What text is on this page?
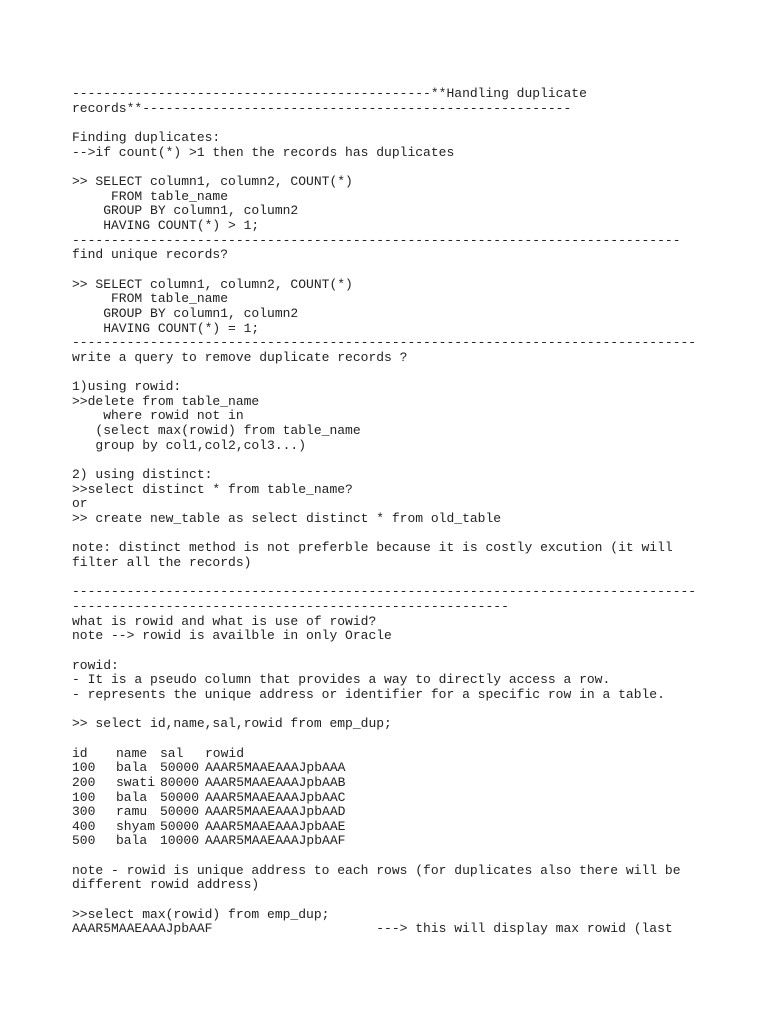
----------------------------------------------**Handling duplicate
records**-------------------------------------------------------
Finding duplicates:
-->if count(*) >1 then the records has duplicates
>> SELECT column1, column2, COUNT(*)
FROM table_name
GROUP BY column1, column2
HAVING COUNT(*) > 1;
------------------------------------------------------------------------------
find unique records?
>> SELECT column1, column2, COUNT(*)
FROM table_name
GROUP BY column1, column2
HAVING COUNT(*) = 1;
--------------------------------------------------------------------------------
write a query to remove duplicate records ?
1)using rowid:
>>delete from table_name
where rowid not in
(select max(rowid) from table_name
group by col1,col2,col3...)
2) using distinct:
>>select distinct * from table_name?
or
>> create new_table as select distinct * from old_table
note: distinct method is not preferble because it is costly excution (it will
filter all the records)
--------------------------------------------------------------------------------
--------------------------------------------------------
what is rowid and what is use of rowid?
note --> rowid is availble in only Oracle
rowid:
- It is a pseudo column that provides a way to directly access a row.
- represents the unique address or identifier for a specific row in a table.
>> select id,name,sal,rowid from emp_dup;
id	name sal	rowid
100	bala 50000 AAAR5MAAEAAAJpbAAA
200	swati 80000 AAAR5MAAEAAAJpbAAB
100	bala 50000 AAAR5MAAEAAAJpbAAC
300	ramu 50000 AAAR5MAAEAAAJpbAAD
400	shyam 50000 AAAR5MAAEAAAJpbAAE
500	bala 10000 AAAR5MAAEAAAJpbAAF
note - rowid is unique address to each rows (for duplicates also there will be
different rowid address)
>>select max(rowid) from emp_dup;
AAAR5MAAEAAAJpbAAF                     ---> this will display max rowid (last
